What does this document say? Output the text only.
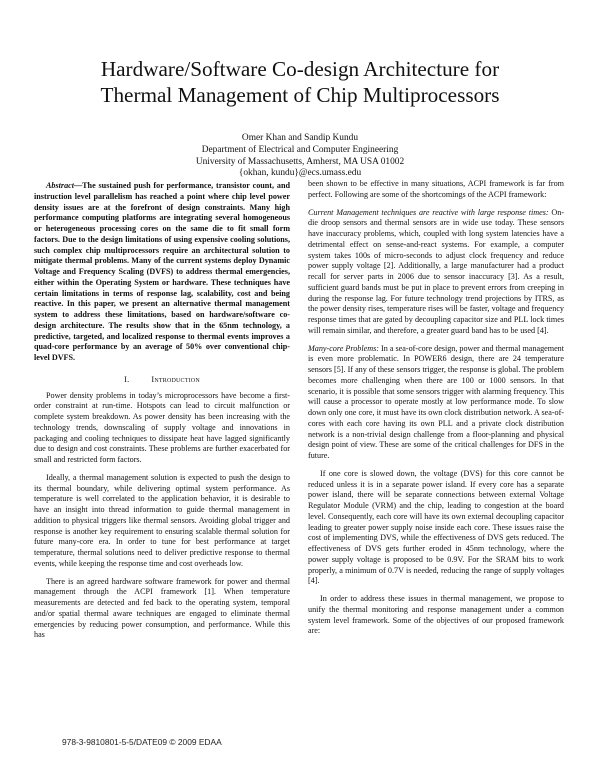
Hardware/Software Co-design Architecture for
Thermal Management of Chip Multiprocessors
Omer Khan and Sandip Kundu
Department of Electrical and Computer Engineering
University of Massachusetts, Amherst, MA USA 01002
{okhan, kundu}@ecs.umass.edu

Abstract—The sustained push for performance, transistor count, and instruction level parallelism has reached a point where chip level power density issues are at the forefront of design constraints. Many high performance computing platforms are integrating several homogeneous or heterogeneous processing cores on the same die to fit small form factors. Due to the design limitations of using expensive cooling solutions, such complex chip multiprocessors require an architectural solution to mitigate thermal problems. Many of the current systems deploy Dynamic Voltage and Frequency Scaling (DVFS) to address thermal emergencies, either within the Operating System or hardware. These techniques have certain limitations in terms of response lag, scalability, cost and being reactive. In this paper, we present an alternative thermal management system to address these limitations, based on hardware/software co-design architecture. The results show that in the 65nm technology, a predictive, targeted, and localized response to thermal events improves a quad-core performance by an average of 50% over conventional chip-level DVFS.

I.	Introduction

Power density problems in today’s microprocessors have become a first-order constraint at run-time. Hotspots can lead to circuit malfunction or complete system breakdown. As power density has been increasing with the technology trends, downscaling of supply voltage and innovations in packaging and cooling techniques to dissipate heat have lagged significantly due to design and cost constraints. These problems are further exacerbated for small and restricted form factors.

Ideally, a thermal management solution is expected to push the design to its thermal boundary, while delivering optimal system performance. As temperature is well correlated to the application behavior, it is desirable to have an insight into thread information to guide thermal management in addition to physical triggers like thermal sensors. Avoiding global trigger and response is another key requirement to ensuring scalable thermal solution for future many-core era. In order to tune for best performance at target temperature, thermal solutions need to deliver predictive response to thermal events, while keeping the response time and cost overheads low.

There is an agreed hardware software framework for power and thermal management through the ACPI framework [1]. When temperature measurements are detected and fed back to the operating system, temporal and/or spatial thermal aware techniques are engaged to eliminate thermal emergencies by reducing power consumption, and performance. While this has

been shown to be effective in many situations, ACPI framework is far from perfect. Following are some of the shortcomings of the ACPI framework:

Current Management techniques are reactive with large response times: On-die droop sensors and thermal sensors are in wide use today. These sensors have inaccuracy problems, which, coupled with long system latencies have a detrimental effect on sense-and-react systems. For example, a computer system takes 100s of micro-seconds to adjust clock frequency and reduce power supply voltage [2]. Additionally, a large manufacturer had a product recall for server parts in 2006 due to sensor inaccuracy [3]. As a result, sufficient guard bands must be put in place to prevent errors from creeping in during the response lag. For future technology trend projections by ITRS, as the power density rises, temperature rises will be faster, voltage and frequency response times that are gated by decoupling capacitor size and PLL lock times will remain similar, and therefore, a greater guard band has to be used [4].

Many-core Problems: In a sea-of-core design, power and thermal management is even more problematic. In POWER6 design, there are 24 temperature sensors [5]. If any of these sensors trigger, the response is global. The problem becomes more challenging when there are 100 or 1000 sensors. In that scenario, it is possible that some sensors trigger with alarming frequency. This will cause a processor to operate mostly at low performance mode. To slow down only one core, it must have its own clock distribution network. A sea-of-cores with each core having its own PLL and a private clock distribution network is a non-trivial design challenge from a floor-planning and physical design point of view. These are some of the critical challenges for DFS in the future.

If one core is slowed down, the voltage (DVS) for this core cannot be reduced unless it is in a separate power island. If every core has a separate power island, there will be separate connections between external Voltage Regulator Module (VRM) and the chip, leading to congestion at the board level. Consequently, each core will have its own external decoupling capacitor leading to greater power supply noise inside each core. These issues raise the cost of implementing DVS, while the effectiveness of DVS gets reduced. The effectiveness of DVS gets further eroded in 45nm technology, where the power supply voltage is proposed to be 0.9V. For the SRAM bits to work properly, a minimum of 0.7V is needed, reducing the range of supply voltages [4].

In order to address these issues in thermal management, we propose to unify the thermal monitoring and response management under a common system level framework. Some of the objectives of our proposed framework are:

978-3-9810801-5-5/DATE09 © 2009 EDAA
